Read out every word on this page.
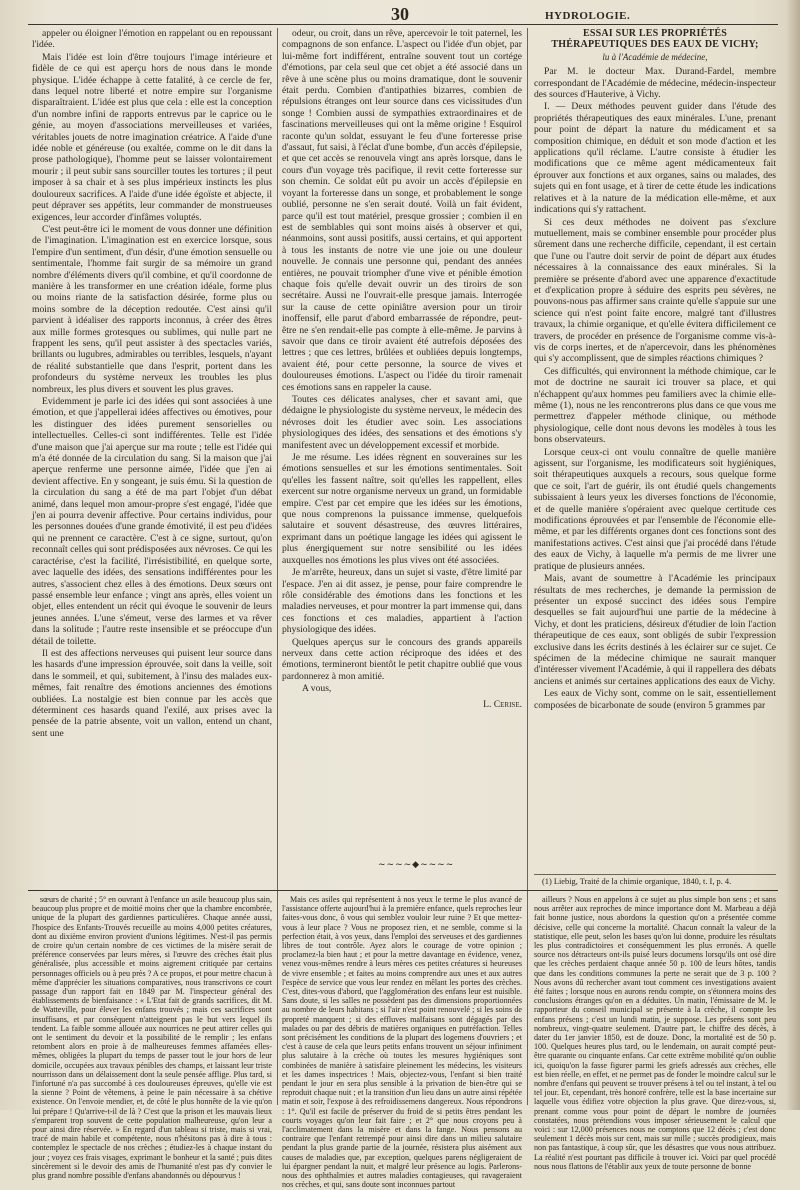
30	HYDROLOGIE.

appeler ou éloigner l'émotion en rappelant ou en repoussant l'idée.

Mais l'idée est loin d'être toujours l'image intérieure et fidèle de ce qui est aperçu hors de nous dans le monde physique. L'idée échappe à cette fatalité, à ce cercle de fer, dans lequel notre liberté et notre empire sur l'organisme disparaîtraient. L'idée est plus que cela : elle est la conception d'un nombre infini de rapports entrevus par le caprice ou le génie, au moyen d'associations merveilleuses et variées, véritables jouets de notre imagination créatrice. A l'aide d'une idée noble et généreuse (ou exaltée, comme on le dit dans la prose pathologique), l'homme peut se laisser volontairement mourir ; il peut subir sans sourciller toutes les tortures ; il peut imposer à sa chair et à ses plus impérieux instincts les plus douloureux sacrifices. A l'aide d'une idée égoïste et abjecte, il peut dépraver ses appétits, leur commander de monstrueuses exigences, leur accorder d'infâmes voluptés.

C'est peut-être ici le moment de vous donner une définition de l'imagination. L'imagination est en exercice lorsque, sous l'empire d'un sentiment, d'un désir, d'une émotion sensuelle ou sentimentale, l'homme fait surgir de sa mémoire un grand nombre d'éléments divers qu'il combine, et qu'il coordonne de manière à les transformer en une création idéale, forme plus ou moins riante de la satisfaction désirée, forme plus ou moins sombre de la déception redoutée. C'est ainsi qu'il parvient à idéaliser des rapports inconnus, à créer des êtres aux mille formes grotesques ou sublimes, qui nulle part ne frappent les sens, qu'il peut assister à des spectacles variés, brillants ou lugubres, admirables ou terribles, lesquels, n'ayant de réalité substantielle que dans l'esprit, portent dans les profondeurs du système nerveux les troubles les plus nombreux, les plus divers et souvent les plus graves.

Evidemment je parle ici des idées qui sont associées à une émotion, et que j'appellerai idées affectives ou émotives, pour les distinguer des idées purement sensorielles ou intellectuelles. Celles-ci sont indifférentes. Telle est l'idée d'une maison que j'ai aperçue sur ma route ; telle est l'idée qui m'a été donnée de la circulation du sang. Si la maison que j'ai aperçue renferme une personne aimée, l'idée que j'en ai devient affective. En y songeant, je suis ému. Si la question de la circulation du sang a été de ma part l'objet d'un débat animé, dans lequel mon amour-propre s'est engagé, l'idée que j'en ai pourra devenir affective. Pour certains individus, pour les personnes douées d'une grande émotivité, il est peu d'idées qui ne prennent ce caractère. C'est à ce signe, surtout, qu'on reconnaît celles qui sont prédisposées aux névroses. Ce qui les caractérise, c'est la facilité, l'irrésistibilité, en quelque sorte, avec laquelle des idées, des sensations indifférentes pour les autres, s'associent chez elles à des émotions. Deux sœurs ont passé ensemble leur enfance ; vingt ans après, elles voient un objet, elles entendent un récit qui évoque le souvenir de leurs jeunes années. L'une s'émeut, verse des larmes et va rêver dans la solitude ; l'autre reste insensible et se préoccupe d'un détail de toilette.

Il est des affections nerveuses qui puisent leur source dans les hasards d'une impression éprouvée, soit dans la veille, soit dans le sommeil, et qui, subitement, à l'insu des malades eux-mêmes, fait renaître des émotions anciennes des émotions oubliées. La nostalgie est bien connue par les accès que déterminent ces hasards quand l'exilé, aux prises avec la pensée de la patrie absente, voit un vallon, entend un chant, sent une

odeur, ou croit, dans un rêve, apercevoir le toit paternel, les compagnons de son enfance. L'aspect ou l'idée d'un objet, par lui-même fort indifférent, entraîne souvent tout un cortége d'émotions, par cela seul que cet objet a été associé dans un rêve à une scène plus ou moins dramatique, dont le souvenir était perdu. Combien d'antipathies bizarres, combien de répulsions étranges ont leur source dans ces vicissitudes d'un songe ! Combien aussi de sympathies extraordinaires et de fascinations merveilleuses qui ont la même origine ! Esquirol raconte qu'un soldat, essuyant le feu d'une forteresse prise d'assaut, fut saisi, à l'éclat d'une bombe, d'un accès d'épilepsie, et que cet accès se renouvela vingt ans après lorsque, dans le cours d'un voyage très pacifique, il revit cette forteresse sur son chemin. Ce soldat eût pu avoir un accès d'épilepsie en voyant la forteresse dans un songe, et probablement le songe oublié, personne ne s'en serait douté. Voilà un fait évident, parce qu'il est tout matériel, presque grossier ; combien il en est de semblables qui sont moins aisés à observer et qui, néanmoins, sont aussi positifs, aussi certains, et qui apportent à tous les instants de notre vie une joie ou une douleur nouvelle. Je connais une personne qui, pendant des années entières, ne pouvait triompher d'une vive et pénible émotion chaque fois qu'elle devait ouvrir un des tiroirs de son secrétaire. Aussi ne l'ouvrait-elle presque jamais. Interrogée sur la cause de cette opiniâtre aversion pour un tiroir inoffensif, elle parut d'abord embarrassée de répondre, peut-être ne s'en rendait-elle pas compte à elle-même. Je parvins à savoir que dans ce tiroir avaient été autrefois déposées des lettres ; que ces lettres, brûlées et oubliées depuis longtemps, avaient été, pour cette personne, la source de vives et douloureuses émotions. L'aspect ou l'idée du tiroir ramenait ces émotions sans en rappeler la cause.

Toutes ces délicates analyses, cher et savant ami, que dédaigne le physiologiste du système nerveux, le médecin des névroses doit les étudier avec soin. Les associations physiologiques des idées, des sensations et des émotions s'y manifestent avec un développement excessif et morbide.

Je me résume. Les idées règnent en souveraines sur les émotions sensuelles et sur les émotions sentimentales. Soit qu'elles les fassent naître, soit qu'elles les rappellent, elles exercent sur notre organisme nerveux un grand, un formidable empire. C'est par cet empire que les idées sur les émotions, que nous comprenons la puissance immense, quelquefois salutaire et souvent désastreuse, des œuvres littéraires, exprimant dans un poétique langage les idées qui agissent le plus énergiquement sur notre sensibilité ou les idées auxquelles nos émotions les plus vives ont été associées.

Je m'arrête, heureux, dans un sujet si vaste, d'être limité par l'espace. J'en ai dit assez, je pense, pour faire comprendre le rôle considérable des émotions dans les fonctions et les maladies nerveuses, et pour montrer la part immense qui, dans ces fonctions et ces maladies, appartient à l'action physiologique des idées.

Quelques aperçus sur le concours des grands appareils nerveux dans cette action réciproque des idées et des émotions, termineront bientôt le petit chapitre oublié que vous pardonnerez à mon amitié.

A vous,

L. Cerise.

~~~~◆~~~~

ESSAI SUR LES PROPRIÉTÉS THÉRAPEUTIQUES DES EAUX DE VICHY;

lu à l'Académie de médecine,

Par M. le docteur Max. Durand-Fardel, membre correspondant de l'Académie de médecine, médecin-inspecteur des sources d'Hauterive, à Vichy.

I. — Deux méthodes peuvent guider dans l'étude des propriétés thérapeutiques des eaux minérales. L'une, prenant pour point de départ la nature du médicament et sa composition chimique, en déduit et son mode d'action et les applications qu'il réclame. L'autre consiste à étudier les modifications que ce même agent médicamenteux fait éprouver aux fonctions et aux organes, sains ou malades, des sujets qui en font usage, et à tirer de cette étude les indications relatives et à la nature de la médication elle-même, et aux indications qui s'y rattachent.

Si ces deux méthodes ne doivent pas s'exclure mutuellement, mais se combiner ensemble pour procéder plus sûrement dans une recherche difficile, cependant, il est certain que l'une ou l'autre doit servir de point de départ aux études nécessaires à la connaissance des eaux minérales. Si la première se présente d'abord avec une apparence d'exactitude et d'explication propre à séduire des esprits peu sévères, ne pouvons-nous pas affirmer sans crainte qu'elle s'appuie sur une science qui n'est point faite encore, malgré tant d'illustres travaux, la chimie organique, et qu'elle évitera difficilement ce travers, de procéder en présence de l'organisme comme vis-à-vis de corps inertes, et de n'apercevoir, dans les phénomènes qui s'y accomplissent, que de simples réactions chimiques ?

Ces difficultés, qui environnent la méthode chimique, car le mot de doctrine ne saurait ici trouver sa place, et qui n'échappent qu'aux hommes peu familiers avec la chimie elle-même (1), nous ne les rencontrerons plus dans ce que vous me permettrez d'appeler méthode clinique, ou méthode physiologique, celle dont nous devons les modèles à tous les bons observateurs.

Lorsque ceux-ci ont voulu connaître de quelle manière agissent, sur l'organisme, les modificateurs soit hygiéniques, soit thérapeutiques auxquels a recours, sous quelque forme que ce soit, l'art de guérir, ils ont étudié quels changements subissaient à leurs yeux les diverses fonctions de l'économie, et de quelle manière s'opéraient avec quelque certitude ces modifications éprouvées et par l'ensemble de l'économie elle-même, et par les différents organes dont ces fonctions sont des manifestations actives. C'est ainsi que j'ai procédé dans l'étude des eaux de Vichy, à laquelle m'a permis de me livrer une pratique de plusieurs années.

Mais, avant de soumettre à l'Académie les principaux résultats de mes recherches, je demande la permission de présenter un exposé succinct des idées sous l'empire desquelles se fait aujourd'hui une partie de la médecine à Vichy, et dont les praticiens, désireux d'étudier de loin l'action thérapeutique de ces eaux, sont obligés de subir l'expression exclusive dans les écrits destinés à les éclairer sur ce sujet. Ce spécimen de la médecine chimique ne saurait manquer d'intéresser vivement l'Académie, à qui il rappellera des débats anciens et animés sur certaines applications des eaux de Vichy.

Les eaux de Vichy sont, comme on le sait, essentiellement composées de bicarbonate de soude (environ 5 grammes par

(1) Liebig, Traité de la chimie organique, 1840, t. I, p. 4.

sœurs de charité ; 5° en ouvrant à l'enfance un asile beaucoup plus sain, beaucoup plus propre et de moitié moins cher que la chambre encombrée, unique de la plupart des gardiennes particulières. Chaque année aussi, l'hospice des Enfants-Trouvés recueille au moins 4,000 petites créatures, dont au dixième environ provient d'unions légitimes. N'est-il pas permis de croire qu'un certain nombre de ces victimes de la misère serait de préférence conservées par leurs mères, si l'œuvre des crèches était plus généralisée, plus accessible et moins aigrement critiquée par certains personnages officiels ou à peu près ? A ce propos, et pour mettre chacun à même d'apprécier les situations comparatives, nous transcrivons ce court passage d'un rapport fait en 1849 par M. l'inspecteur général des établissements de bienfaisance : « L'Etat fait de grands sacrifices, dit M. de Watteville, pour élever les enfans trouvés ; mais ces sacrifices sont insuffisans, et par conséquent n'atteignent pas le but vers lequel ils tendent. La faible somme allouée aux nourrices ne peut attirer celles qui ont le sentiment du devoir et la possibilité de le remplir ; les enfans retombent alors en proie à de malheureuses femmes affamées elles-mêmes, obligées la plupart du temps de passer tout le jour hors de leur domicile, occupées aux travaux pénibles des champs, et laissant leur triste nourrisson dans un délaissement dont la seule pensée afflige. Plus tard, si l'infortuné n'a pas succombé à ces douloureuses épreuves, qu'elle vie est la sienne ? Point de vêtemens, à peine le pain nécessaire à sa chétive existence. On l'envoie mendier, et, de côté le plus honnête de la vie qu'on lui prépare ! Qu'arrive-t-il de là ? C'est que la prison et les mauvais lieux s'emparent trop souvent de cette population malheureuse, qu'on leur a pour ainsi dire réservée. » En regard d'un tableau si triste, mais si vrai, tracé de main habile et compétente, nous n'hésitons pas à dire à tous : contemplez le spectacle de nos crèches ; étudiez-les à chaque instant du jour ; voyez ces frais visages, exprimant le bonheur et la santé ; puis dites sincèrement si le devoir des amis de l'humanité n'est pas d'y convier le plus grand nombre possible d'enfans abandonnés ou dépourvus !

Mais ces asiles qui représentent à nos yeux le terme le plus avancé de l'assistance offerte aujourd'hui à la première enfance, quels reproches leur faites-vous donc, ô vous qui semblez vouloir leur ruine ? Et que mettez-vous à leur place ? Vous ne proposez rien, et ne semble, comme si la perfection était, à vos yeux, dans l'emploi des serveuses et des gardiennes libres de tout contrôle. Ayez alors le courage de votre opinion ; proclamez-la bien haut ; et pour la mettre davantage en évidence, venez, venez vous-mêmes rendre à leurs mères ces petites créatures si heureuses de vivre ensemble ; et faites au moins comprendre aux unes et aux autres l'espèce de service que vous leur rendez en mêlant les portes des crèches. C'est, dites-vous d'abord, que l'agglomération des enfans leur est nuisible. Sans doute, si les salles ne possèdent pas des dimensions proportionnées au nombre de leurs habitans ; si l'air n'est point renouvelé ; si les soins de propreté manquent ; si des effluves malfaisans sont dégagés par des malades ou par des débris de matières organiques en putréfaction. Telles sont précisément les conditions de la plupart des logemens d'ouvriers ; et c'est à cause de cela que leurs petits enfans trouvent un séjour infiniment plus salutaire à la crèche où toutes les mesures hygiéniques sont combinées de manière à satisfaire pleinement les médecins, les visiteurs et les dames inspectrices ! Mais, objectez-vous, l'enfant si bien traité pendant le jour en sera plus sensible à la privation de bien-être qui se reproduit chaque nuit ; et la transition d'un lieu dans un autre ainsi répétée matin et soir, l'expose à des refroidissemens dangereux. Nous répondrons : 1°. Qu'il est facile de préserver du froid de si petits êtres pendant les courts voyages qu'on leur fait faire ; et 2° que nous croyons peu à l'acclimatement dans la misère et dans la fange. Nous pensons au contraire que l'enfant retrempé pour ainsi dire dans un milieu salutaire pendant la plus grande partie de la journée, résistera plus aisément aux causes de maladies que, par exception, quelques parens négligeraient de lui épargner pendant la nuit, et malgré leur présence au logis. Parlerons-nous des ophthalmies et autres maladies contagieuses, qui ravageraient nos crèches, et qui, sans doute sont inconnues partout

ailleurs ? Nous en appelons à ce sujet au plus simple bon sens ; et sans nous arrêter aux reproches de mince importance dont M. Marbeau a déjà fait bonne justice, nous abordons la question qu'on a présentée comme décisive, celle qui concerne la mortalité. Chacun connaît la valeur de la statistique, elle peut, selon les bases qu'on lui donne, produire les résultats les plus contradictoires et conséquemment les plus erronés. A quelle source nos détracteurs ont-ils puisé leurs documens lorsqu'ils ont osé dire que les crèches perdaient chaque année 50 p. 100 de leurs hôtes, tandis que dans les conditions communes la perte ne serait que de 3 p. 100 ? Nous avons dû rechercher avant tout comment ces investigations avaient été faites ; lorsque nous en aurons rendu compte, on s'étonnera moins des conclusions étranges qu'on en a déduites. Un matin, l'émissaire de M. le rapporteur du conseil municipal se présente à la crèche, il compte les enfans présens ; c'est un lundi matin, je suppose. Les présens sont peu nombreux, vingt-quatre seulement. D'autre part, le chiffre des décès, à dater du 1er janvier 1850, est de douze. Donc, la mortalité est de 50 p. 100. Quelques heures plus tard, ou le lendemain, on aurait compté peut-être quarante ou cinquante enfans. Car cette extrême mobilité qu'on oublie ici, quoiqu'on la fasse figurer parmi les griefs adressés aux crèches, elle est bien réelle, en effet, et ne permet pas de fonder le moindre calcul sur le nombre d'enfans qui peuvent se trouver présens à tel ou tel instant, à tel ou tel jour. Et, cependant, très honoré confrère, telle est la base incertaine sur laquelle vous édifiez votre objection la plus grave. Que direz-vous, si, prenant comme vous pour point de départ le nombre de journées constatées, nous prétendions vous imposer sérieusement le calcul que voici : sur 12,000 présences nous ne comptons que 12 décès ; c'est donc seulement 1 décès mois sur cent, mais sur mille ; succès prodigieux, mais non pas fantastique, à coup sûr, que les désastres que vous nous attribuez. La réalité n'est pourtant pas difficile à trouver ici. Voici par quel procédé nous nous flattons de l'établir aux yeux de toute personne de bonne
